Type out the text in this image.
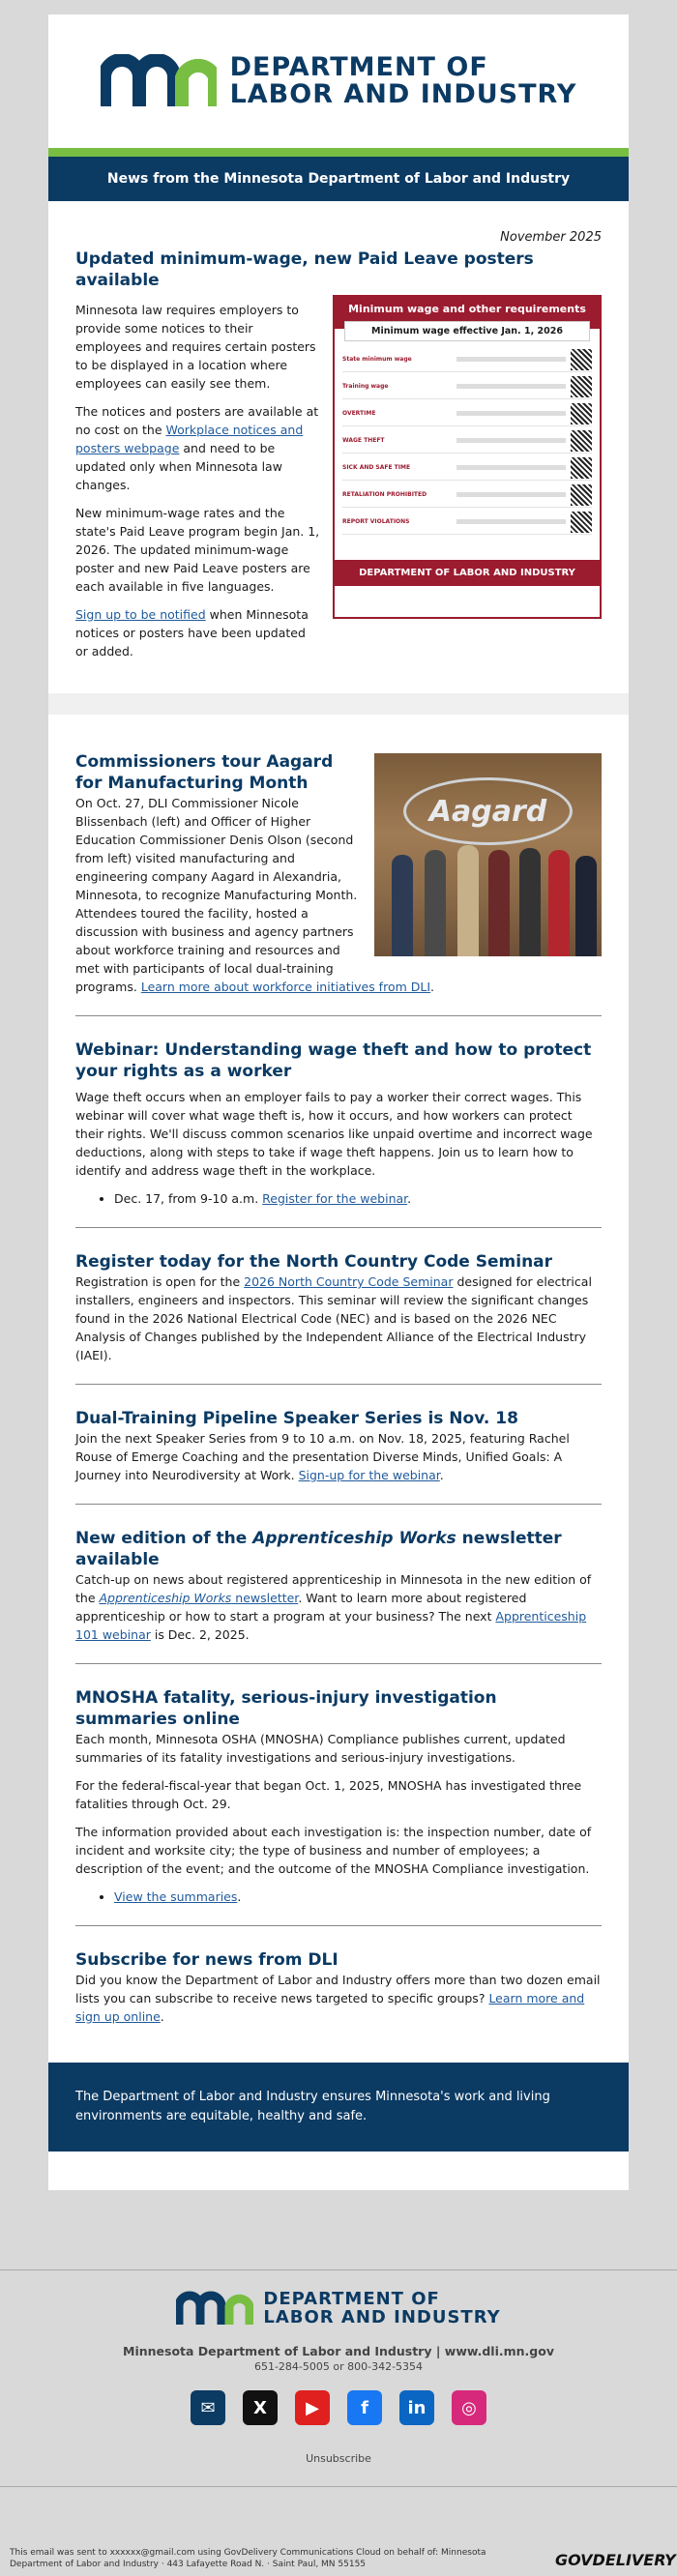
DEPARTMENT OF
LABOR AND INDUSTRY
News from the Minnesota Department of Labor and Industry
November 2025
Updated minimum-wage, new Paid Leave posters available
Minimum wage and other requirements
Minimum wage effective Jan. 1, 2026
State minimum wage
Training wage
OVERTIME
WAGE THEFT
SICK AND SAFE TIME
RETALIATION PROHIBITED
REPORT VIOLATIONS
DEPARTMENT OF LABOR AND INDUSTRY

Minnesota law requires employers to provide some notices to their employees and requires certain posters to be displayed in a location where employees can easily see them.

The notices and posters are available at no cost on the Workplace notices and posters webpage and need to be updated only when Minnesota law changes.

New minimum-wage rates and the state's Paid Leave program begin Jan. 1, 2026. The updated minimum-wage poster and new Paid Leave posters are each available in five languages.

Sign up to be notified when Minnesota notices or posters have been updated or added.

Aagard
Commissioners tour Aagard for Manufacturing Month

On Oct. 27, DLI Commissioner Nicole Blissenbach (left) and Officer of Higher Education Commissioner Denis Olson (second from left) visited manufacturing and engineering company Aagard in Alexandria, Minnesota, to recognize Manufacturing Month. Attendees toured the facility, hosted a discussion with business and agency partners about workforce training and resources and met with participants of local dual-training programs. Learn more about workforce initiatives from DLI.

Webinar: Understanding wage theft and how to protect your rights as a worker

Wage theft occurs when an employer fails to pay a worker their correct wages. This webinar will cover what wage theft is, how it occurs, and how workers can protect their rights. We'll discuss common scenarios like unpaid overtime and incorrect wage deductions, along with steps to take if wage theft happens. Join us to learn how to identify and address wage theft in the workplace.

• Dec. 17, from 9-10 a.m. Register for the webinar.
Register today for the North Country Code Seminar

Registration is open for the 2026 North Country Code Seminar designed for electrical installers, engineers and inspectors. This seminar will review the significant changes found in the 2026 National Electrical Code (NEC) and is based on the 2026 NEC Analysis of Changes published by the Independent Alliance of the Electrical Industry (IAEI).

Dual-Training Pipeline Speaker Series is Nov. 18

Join the next Speaker Series from 9 to 10 a.m. on Nov. 18, 2025, featuring Rachel Rouse of Emerge Coaching and the presentation Diverse Minds, Unified Goals: A Journey into Neurodiversity at Work. Sign-up for the webinar.

New edition of the Apprenticeship Works newsletter available

Catch-up on news about registered apprenticeship in Minnesota in the new edition of the Apprenticeship Works newsletter. Want to learn more about registered apprenticeship or how to start a program at your business? The next Apprenticeship 101 webinar is Dec. 2, 2025.

MNOSHA fatality, serious-injury investigation summaries online

Each month, Minnesota OSHA (MNOSHA) Compliance publishes current, updated summaries of its fatality investigations and serious-injury investigations.

For the federal-fiscal-year that began Oct. 1, 2025, MNOSHA has investigated three fatalities through Oct. 29.

The information provided about each investigation is: the inspection number, date of incident and worksite city; the type of business and number of employees; a description of the event; and the outcome of the MNOSHA Compliance investigation.

• View the summaries.
Subscribe for news from DLI

Did you know the Department of Labor and Industry offers more than two dozen email lists you can subscribe to receive news targeted to specific groups? Learn more and sign up online.

The Department of Labor and Industry ensures Minnesota's work and living environments are equitable, healthy and safe.
DEPARTMENT OF
LABOR AND INDUSTRY
Minnesota Department of Labor and Industry | www.dli.mn.gov
651-284-5005 or 800-342-5354
✉	X	▶	f	in	◎
Unsubscribe
This email was sent to xxxxxx@gmail.com using GovDelivery Communications Cloud on behalf of: Minnesota Department of Labor and Industry · 443 Lafayette Road N. · Saint Paul, MN 55155	GOVDELIVERY
